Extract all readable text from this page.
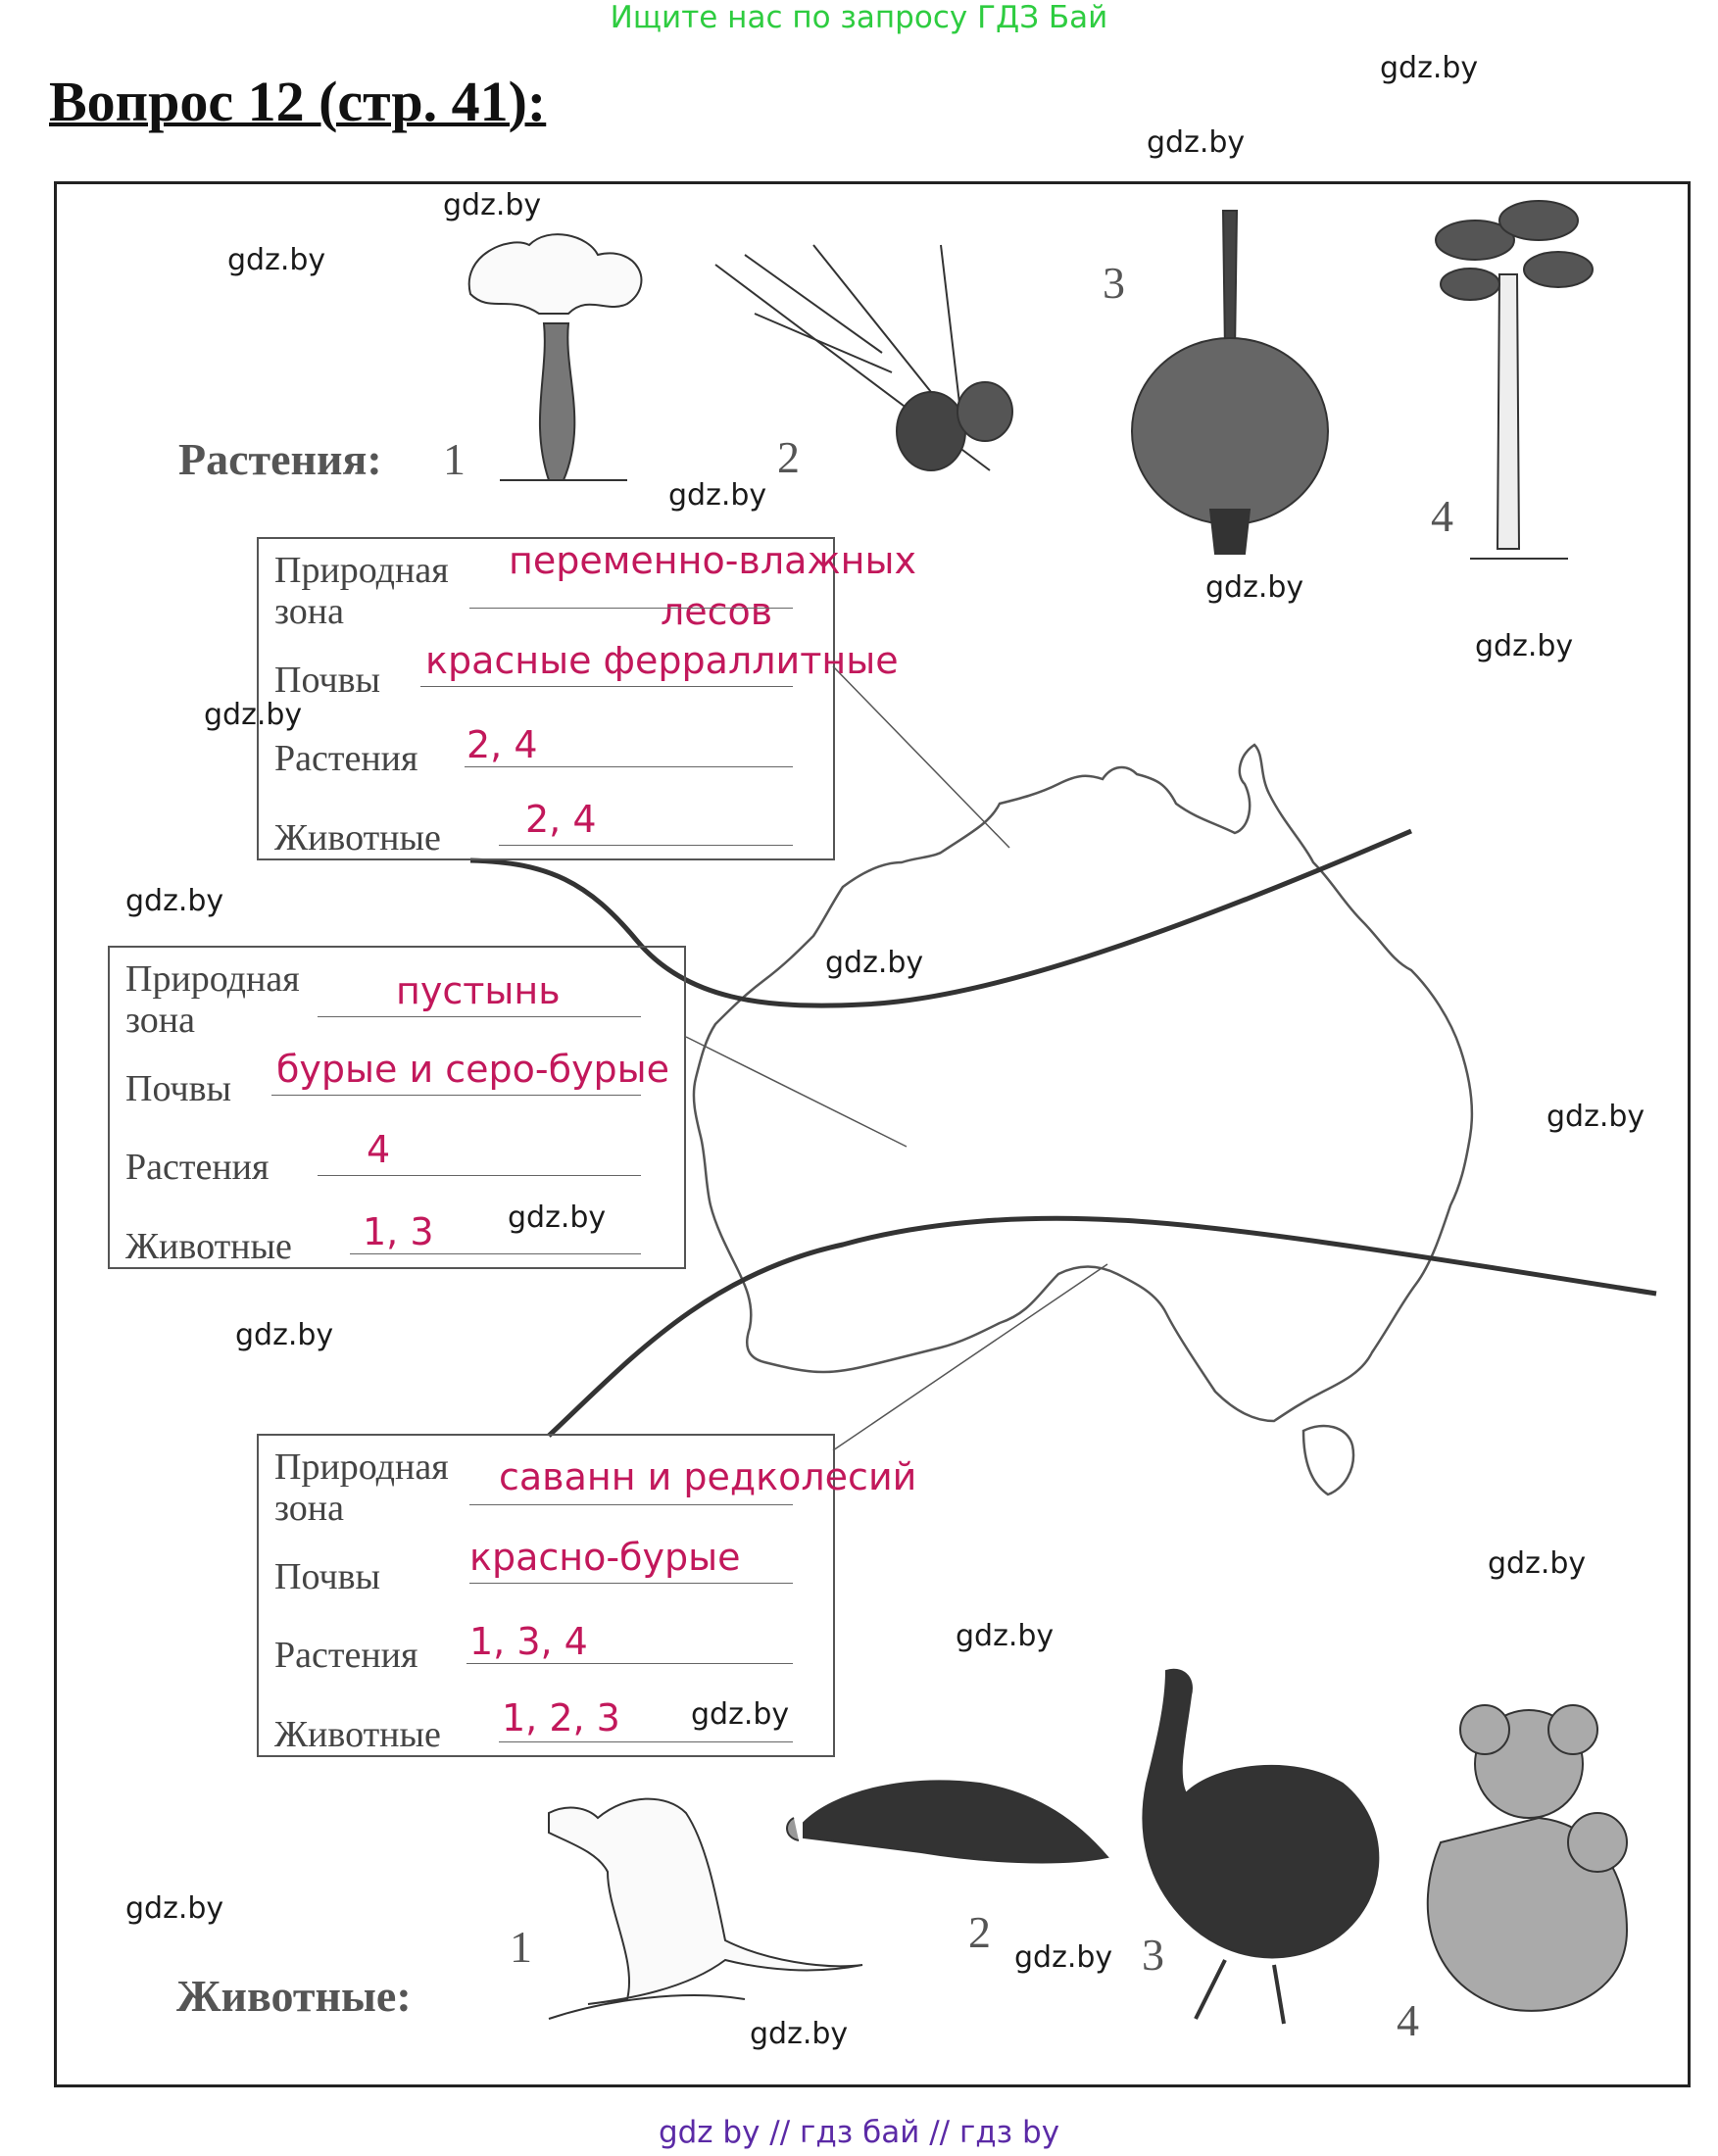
Ищите нас по запросу ГДЗ Бай
Вопрос 12 (стр. 41):
Растения:
Животные:
1	2
3
4
1	2	3
4
Природная
зона
переменно-влажных
лесов
Почвы красные ферраллитные
Растения 2, 4
Животные 2, 4
Природная
зона
пустынь
Почвы бурые и серо-бурые
Растения	4
Животные 1, 3
Природная
зона
саванн и редколесий
Почвы красно-бурые
Растения 1, 3, 4
Животные 1, 2, 3
gdz.by
gdz.by
gdz.by
gdz.by
gdz.by
gdz.by
gdz.by
gdz.by
gdz.by
gdz.by
gdz.by
gdz.by
gdz.by
gdz.by
gdz.by
gdz.by
gdz.by
gdz.by
gdz.by
gdz by // гдз бай // гдз by
